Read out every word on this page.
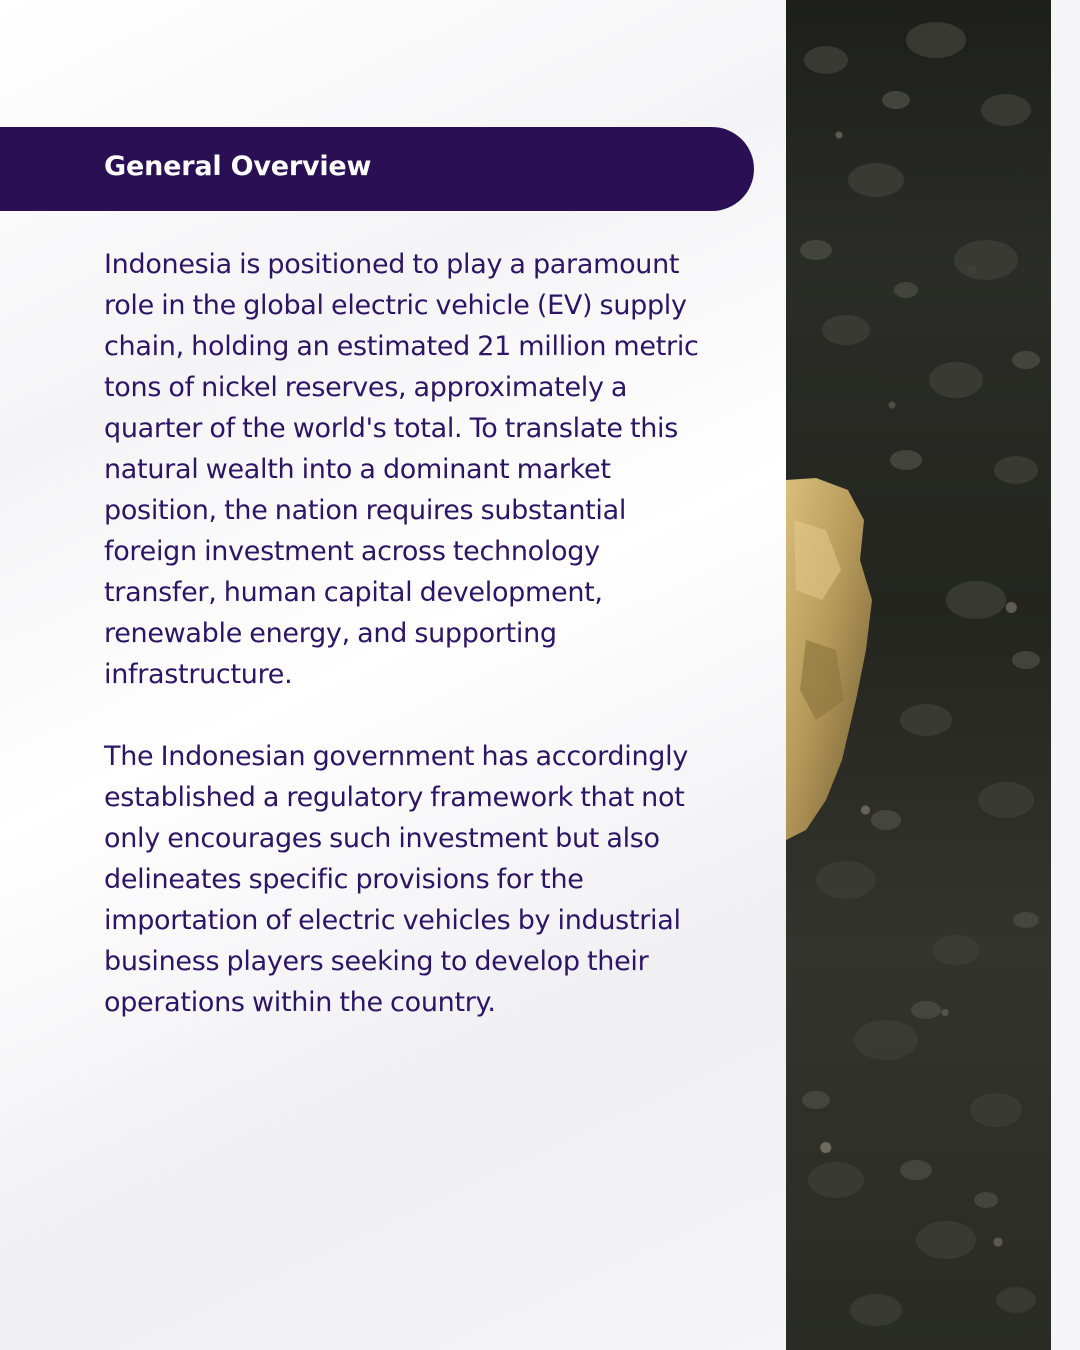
General Overview

Indonesia is positioned to play a paramount role in the global electric vehicle (EV) supply chain, holding an estimated 21 million metric tons of nickel reserves, approximately a quarter of the world's total. To translate this natural wealth into a dominant market position, the nation requires substantial foreign investment across technology transfer, human capital development, renewable energy, and supporting infrastructure.

The Indonesian government has accordingly established a regulatory framework that not only encourages such investment but also delineates specific provisions for the importation of electric vehicles by industrial business players seeking to develop their operations within the country.
